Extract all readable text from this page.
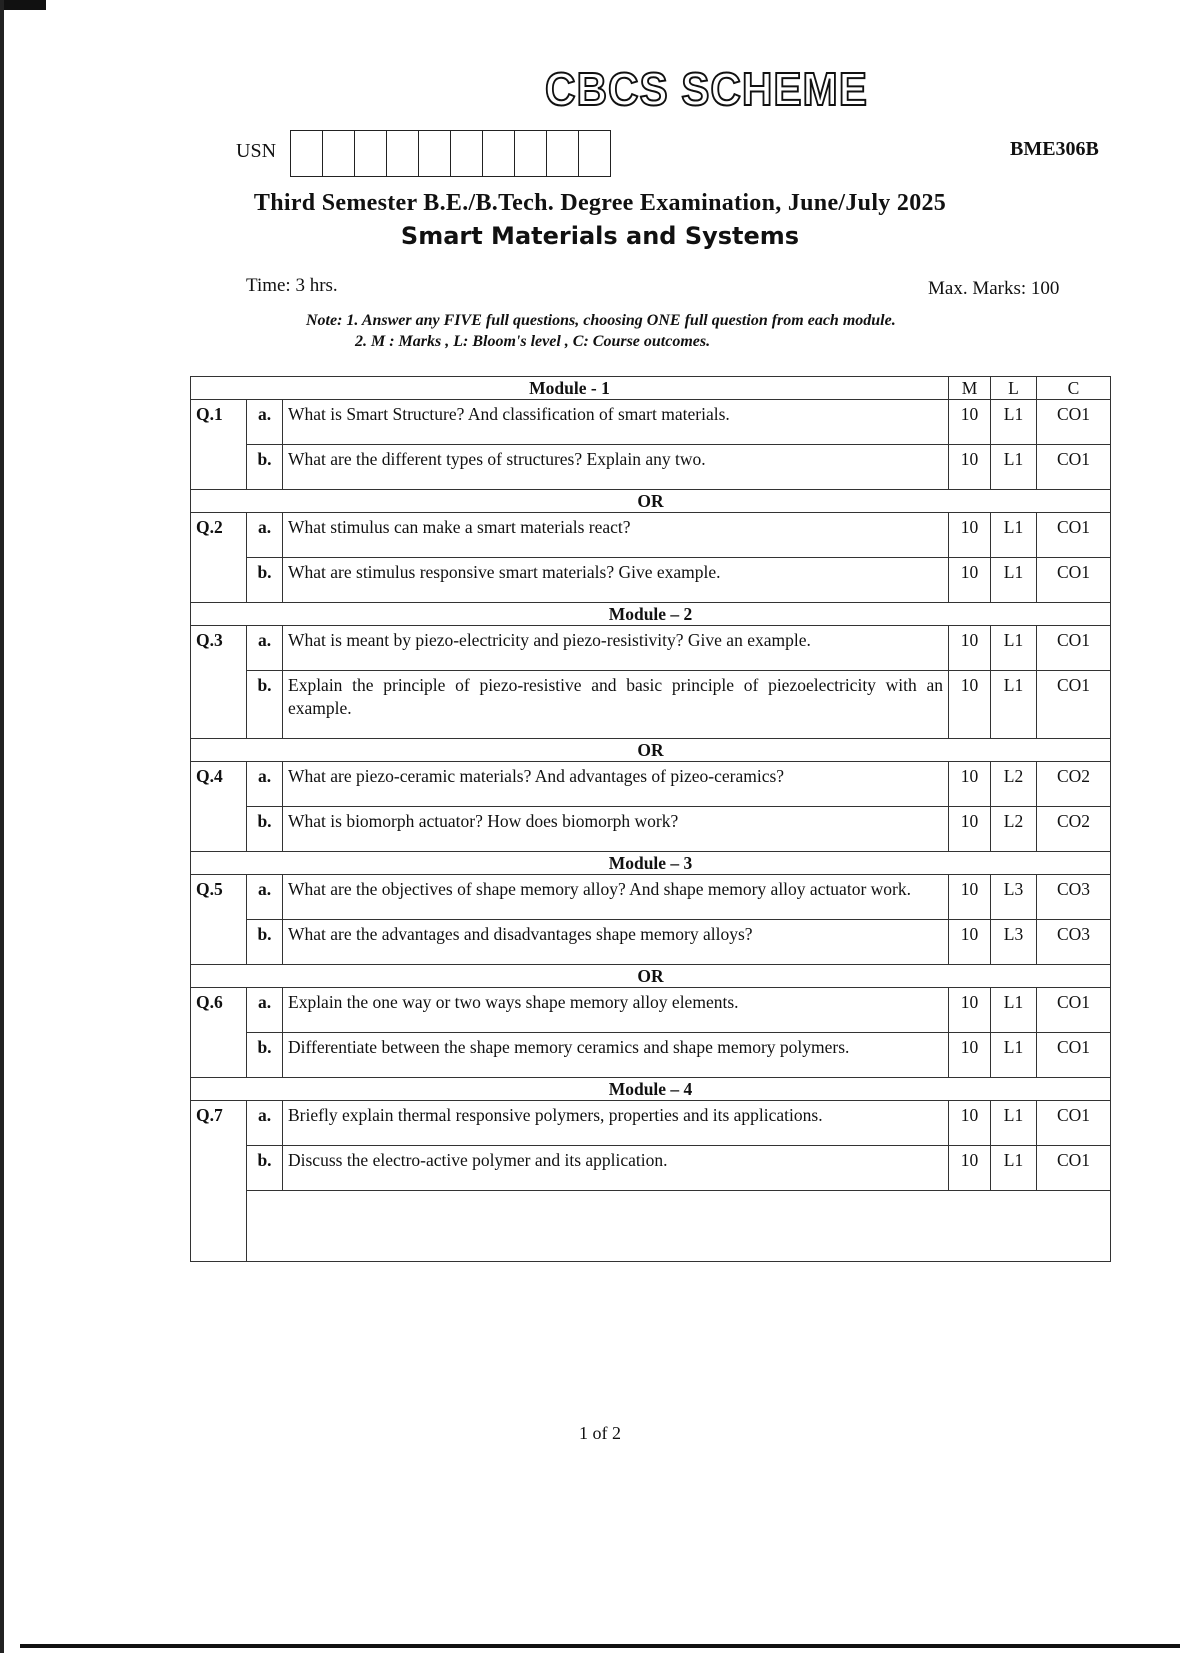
CBCS SCHEME
USN	BME306B
Third Semester B.E./B.Tech. Degree Examination, June/July 2025
Smart Materials and Systems
Time: 3 hrs.	Max. Marks: 100
Note: 1. Answer any FIVE full questions, choosing ONE full question from each module.
2. M : Marks , L: Bloom's level , C: Course outcomes.
Module - 1			M	L	C
Q.1	a.	What is Smart Structure? And classification of smart materials.	10	L1	CO1
	b.	What are the different types of structures? Explain any two.	10	L1	CO1
OR					
Q.2	a.	What stimulus can make a smart materials react?	10	L1	CO1
	b.	What are stimulus responsive smart materials? Give example.	10	L1	CO1
Module – 2					
Q.3	a.	What is meant by piezo-electricity and piezo-resistivity? Give an example.	10	L1	CO1
	b.	Explain the principle of piezo-resistive and basic principle of piezoelectricity with an example.	10	L1	CO1
OR					
Q.4	a.	What are piezo-ceramic materials? And advantages of pizeo-ceramics?	10	L2	CO2
	b.	What is biomorph actuator? How does biomorph work?	10	L2	CO2
Module – 3					
Q.5	a.	What are the objectives of shape memory alloy? And shape memory alloy actuator work.	10	L3	CO3
	b.	What are the advantages and disadvantages shape memory alloys?	10	L3	CO3
OR					
Q.6	a.	Explain the one way or two ways shape memory alloy elements.	10	L1	CO1
	b.	Differentiate between the shape memory ceramics and shape memory polymers.	10	L1	CO1
Module – 4					
Q.7	a.	Briefly explain thermal responsive polymers, properties and its applications.	10	L1	CO1
	b.	Discuss the electro-active polymer and its application.	10	L1	CO1

1 of 2
